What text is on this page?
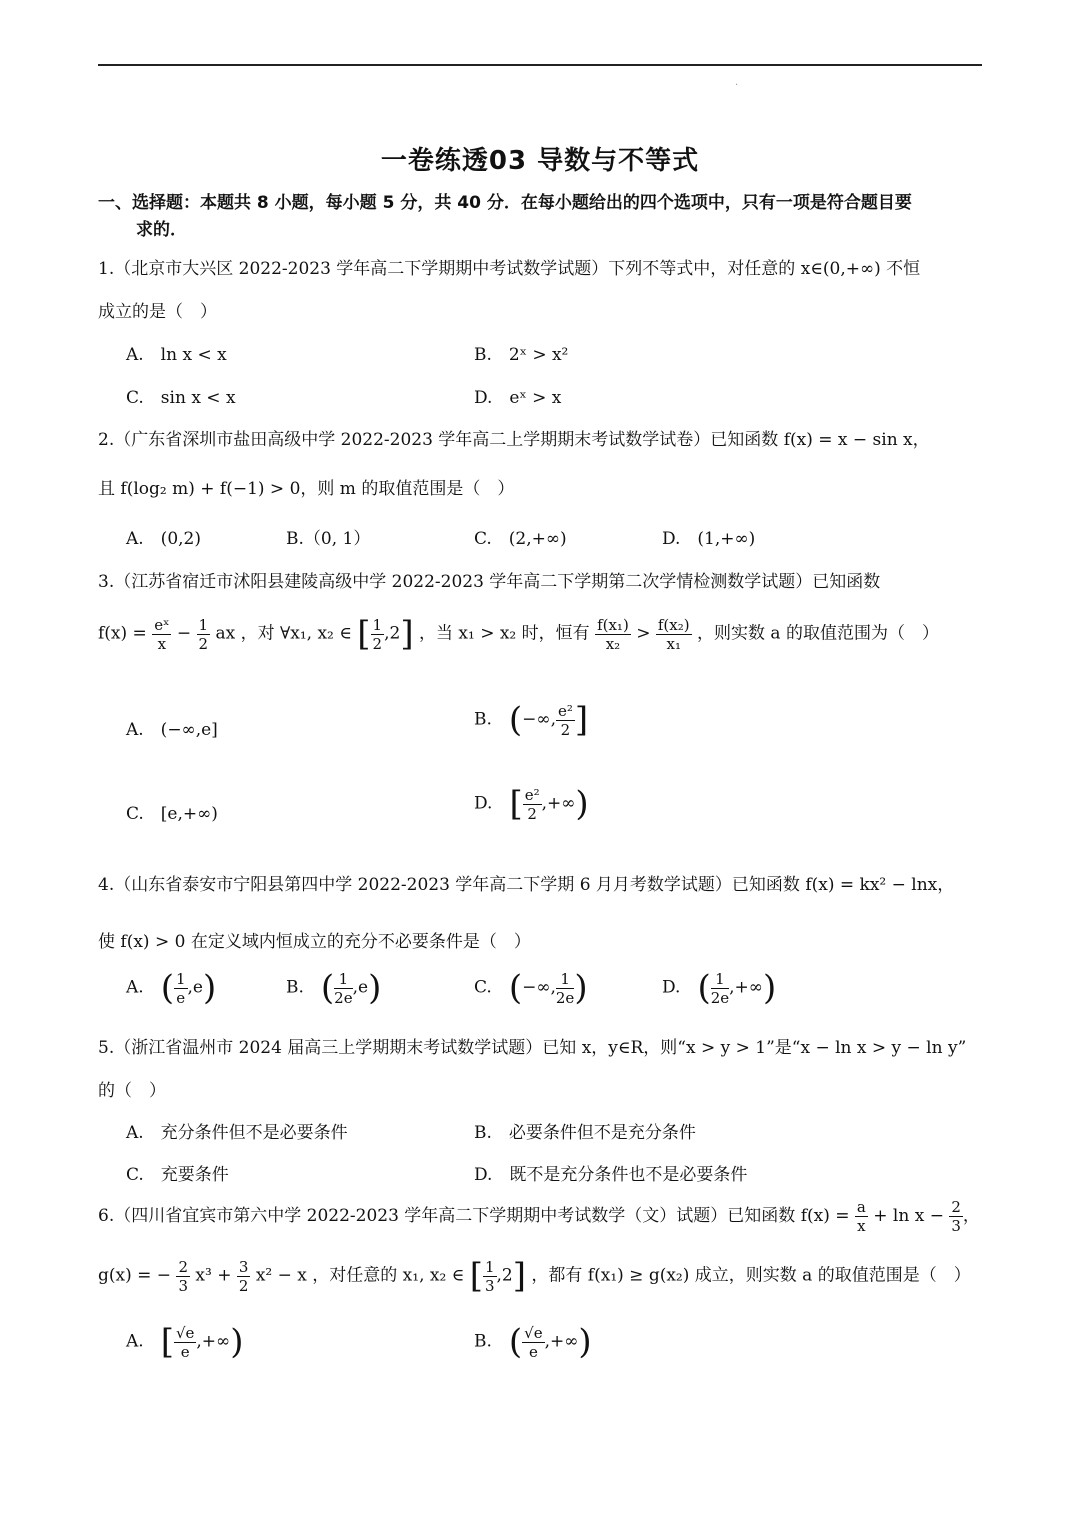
·
一卷练透03 导数与不等式
一、选择题：本题共 8 小题，每小题 5 分，共 40 分．在每小题给出的四个选项中，只有一项是符合题目要
求的．
1.（北京市大兴区 2022-2023 学年高二下学期期中考试数学试题）下列不等式中，对任意的 x∈(0,+∞) 不恒
成立的是（　）
A.　ln x < x	B.　2ˣ > x²
C.　sin x < x	D.　eˣ > x
2.（广东省深圳市盐田高级中学 2022-2023 学年高二上学期期末考试数学试卷）已知函数 f(x) = x − sin x，
且 f(log₂ m) + f(−1) > 0，则 m 的取值范围是（　）
A.　(0,2)	B.（0, 1）	C.　(2,+∞)	D.　(1,+∞)
3.（江苏省宿迁市沭阳县建陵高级中学 2022-2023 学年高二下学期第二次学情检测数学试题）已知函数
$f(x) = \frac{\text{eˣ}}{x} - \frac{1}{2}$ ax ，对 ∀x₁, x₂ ∈ [ $\frac{1}{2} ,2$] ，当 x₁ > x₂ 时，恒有 $\frac{\text{f(x₁)}}{\text{x₂}} > \frac{\text{f(x₂)}}{\text{x₁}}$ ，则实数 a 的取值范围为（　）
A.　(−∞,e]
B.　 (−∞, $\frac{\text{e²}}{2}$ ]
C.　[e,+∞)
D.　 [ $\frac{\text{e²}}{2}$ ,+∞)
4.（山东省泰安市宁阳县第四中学 2022-2023 学年高二下学期 6 月月考数学试题）已知函数 f(x) = kx² − lnx，
使 f(x) > 0 在定义域内恒成立的充分不必要条件是（　）
A.　 ( $\frac{1}{e} ,e$)	B.　 ( $\frac{1}{2e} ,e$)	C.　 (−∞, $\frac{1}{2e}$ )	D.　 ( $\frac{1}{2e}$ ,+∞)
5.（浙江省温州市 2024 届高三上学期期末考试数学试题）已知 x，y∈R，则“x > y > 1”是“x − ln x > y − ln y”
的（　）
A.　充分条件但不是必要条件	B.　必要条件但不是充分条件
C.　充要条件	D.　既不是充分条件也不是必要条件
6.（四川省宜宾市第六中学 2022-2023 学年高二下学期期中考试数学（文）试题）已知函数 $f(x) = \frac{a}{x} + \ln x - \frac{2}{3}$ ，
g(x) = − $\frac{2}{3} x^3 + \frac{3}{2} x^2 - x$ ，对任意的 x₁, x₂ ∈ [ $\frac{1}{3} ,2$] ，都有 f(x₁) ≥ g(x₂) 成立，则实数 a 的取值范围是（　）
A.　 [ $\frac{√e}{e}$ ,+∞)	B.　 ( $\frac{√e}{e}$ ,+∞)
